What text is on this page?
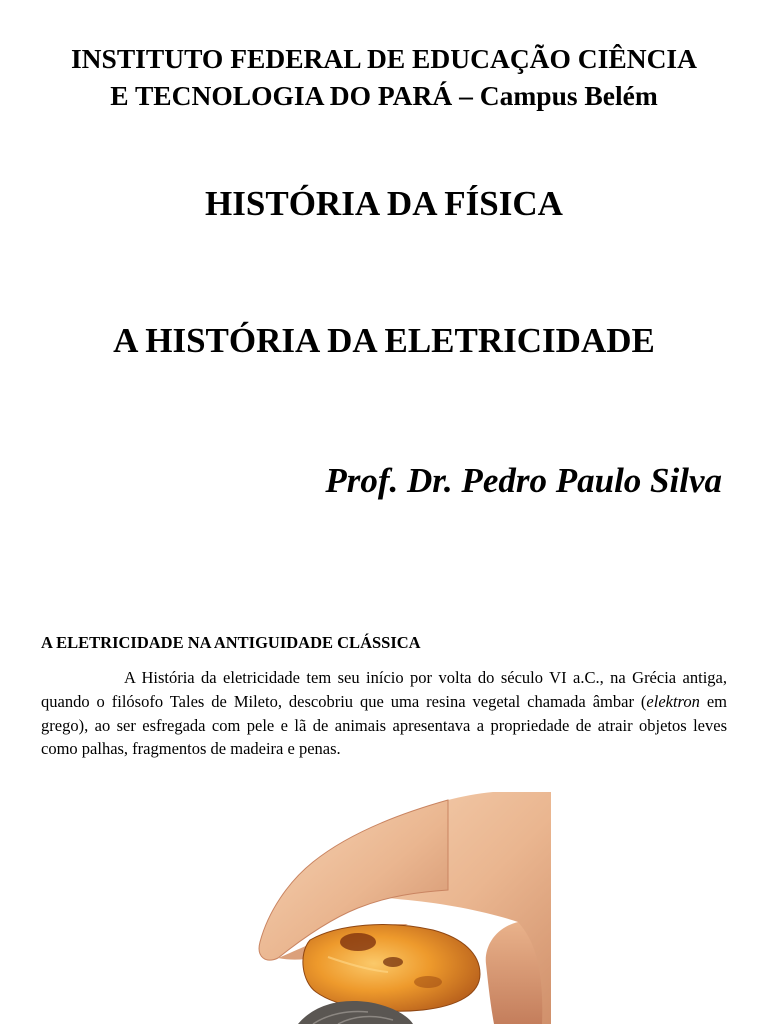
INSTITUTO FEDERAL DE EDUCAÇÃO CIÊNCIA
E TECNOLOGIA DO PARÁ – Campus Belém
HISTÓRIA DA FÍSICA
A HISTÓRIA DA ELETRICIDADE

Prof. Dr. Pedro Paulo Silva

A ELETRICIDADE NA ANTIGUIDADE CLÁSSICA

A História da eletricidade tem seu início por volta do século VI a.C., na Grécia antiga, quando o filósofo Tales de Mileto, descobriu que uma resina vegetal chamada âmbar (elektron em grego), ao ser esfregada com pele e lã de animais apresentava a propriedade de atrair objetos leves como palhas, fragmentos de madeira e penas.
